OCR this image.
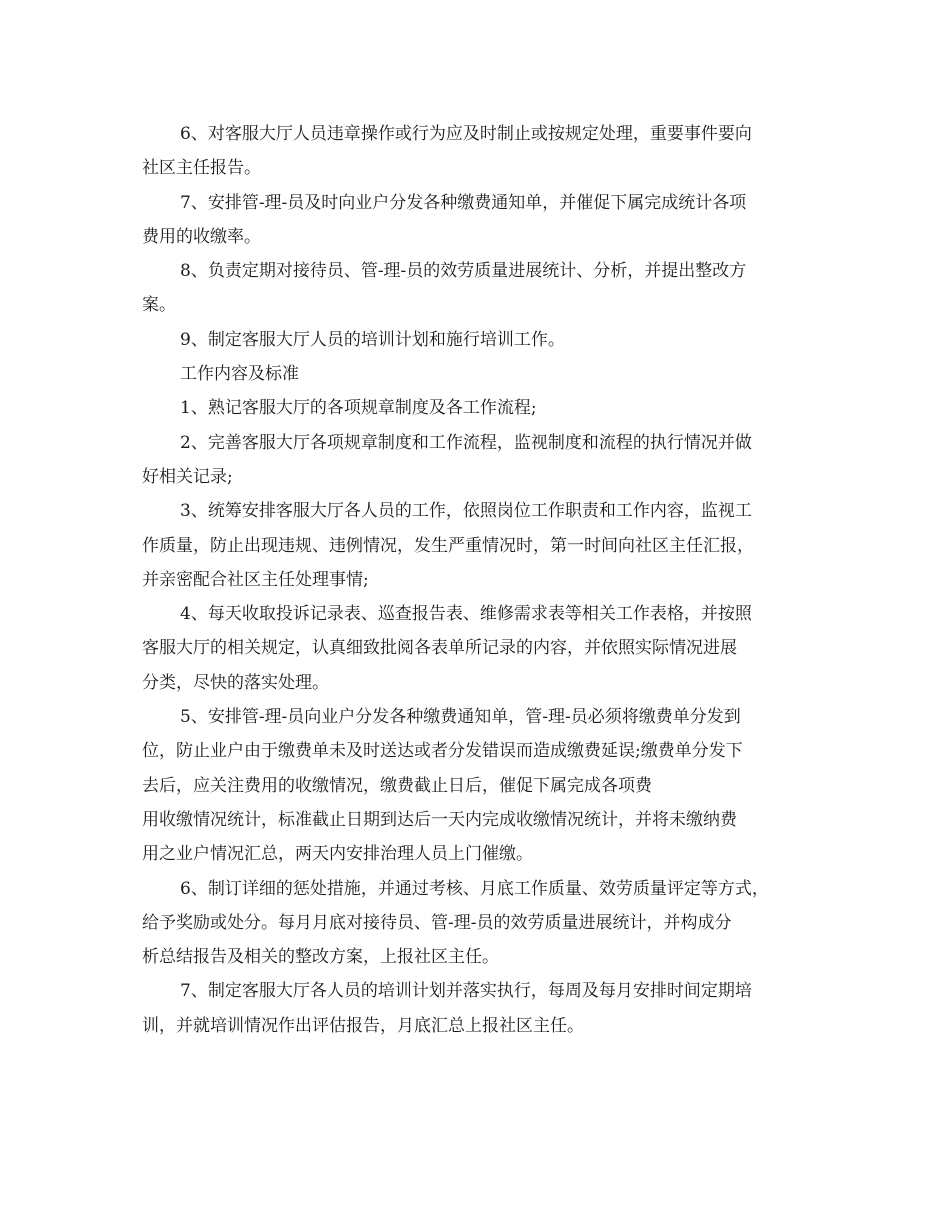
6、对客服大厅人员违章操作或行为应及时制止或按规定处理，重要事件要向
社区主任报告。
7、安排管-理-员及时向业户分发各种缴费通知单，并催促下属完成统计各项
费用的收缴率。
8、负责定期对接待员、管-理-员的效劳质量进展统计、分析，并提出整改方
案。
9、制定客服大厅人员的培训计划和施行培训工作。
工作内容及标准
1、熟记客服大厅的各项规章制度及各工作流程;
2、完善客服大厅各项规章制度和工作流程，监视制度和流程的执行情况并做
好相关记录;
3、统筹安排客服大厅各人员的工作，依照岗位工作职责和工作内容，监视工
作质量，防止出现违规、违例情况，发生严重情况时，第一时间向社区主任汇报，
并亲密配合社区主任处理事情;
4、每天收取投诉记录表、巡查报告表、维修需求表等相关工作表格，并按照
客服大厅的相关规定，认真细致批阅各表单所记录的内容，并依照实际情况进展
分类，尽快的落实处理。
5、安排管-理-员向业户分发各种缴费通知单，管-理-员必须将缴费单分发到
位，防止业户由于缴费单未及时送达或者分发错误而造成缴费延误;缴费单分发下
去后，应关注费用的收缴情况，缴费截止日后，催促下属完成各项费
用收缴情况统计，标准截止日期到达后一天内完成收缴情况统计，并将未缴纳费
用之业户情况汇总，两天内安排治理人员上门催缴。
6、制订详细的惩处措施，并通过考核、月底工作质量、效劳质量评定等方式，
给予奖励或处分。每月月底对接待员、管-理-员的效劳质量进展统计，并构成分
析总结报告及相关的整改方案，上报社区主任。
7、制定客服大厅各人员的培训计划并落实执行，每周及每月安排时间定期培
训，并就培训情况作出评估报告，月底汇总上报社区主任。
